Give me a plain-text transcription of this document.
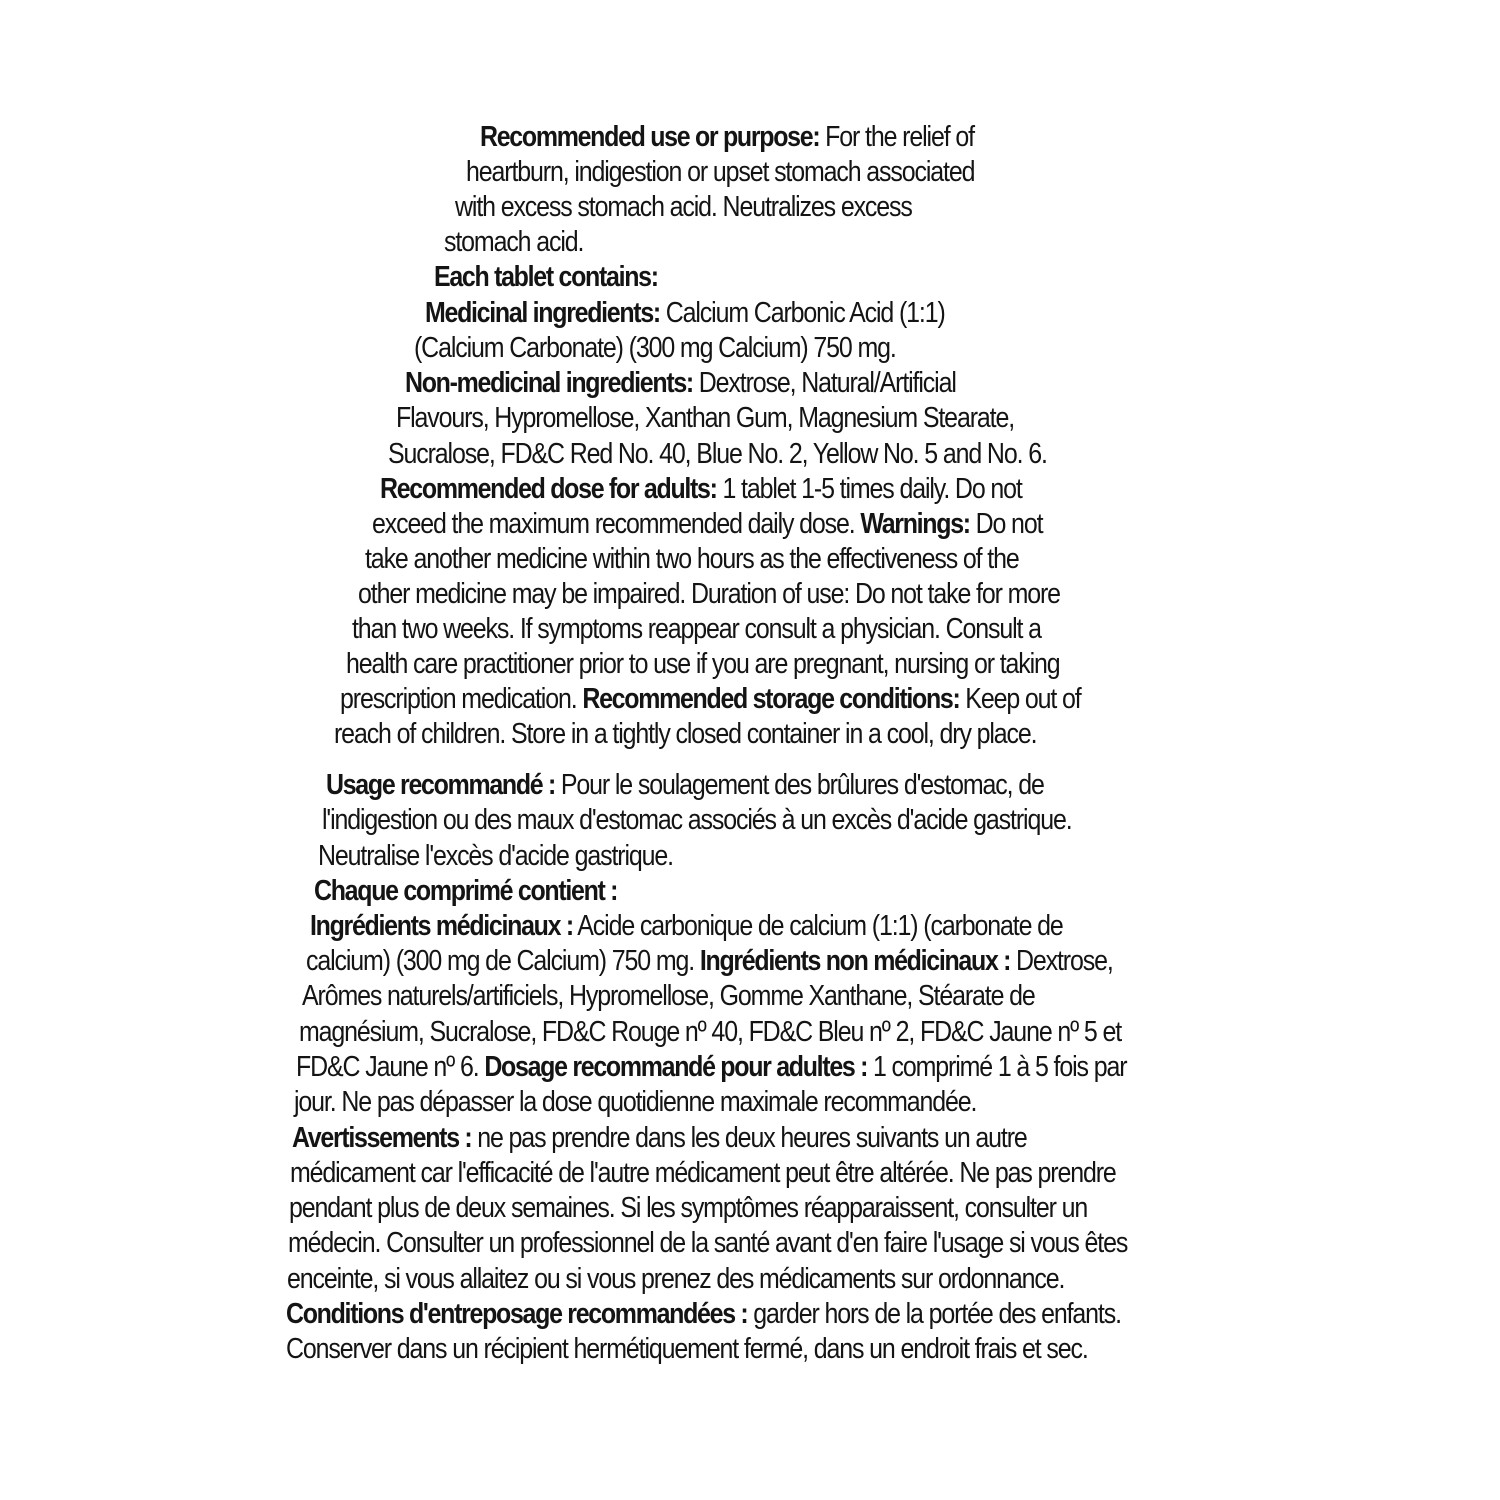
Recommended use or purpose: For the relief of
heartburn, indigestion or upset stomach associated
with excess stomach acid. Neutralizes excess
stomach acid.
Each tablet contains:
Medicinal ingredients: Calcium Carbonic Acid (1:1)
(Calcium Carbonate) (300 mg Calcium) 750 mg.
Non-medicinal ingredients: Dextrose, Natural/Artificial
Flavours, Hypromellose, Xanthan Gum, Magnesium Stearate,
Sucralose, FD&C Red No. 40, Blue No. 2, Yellow No. 5 and No. 6.
Recommended dose for adults: 1 tablet 1-5 times daily. Do not
exceed the maximum recommended daily dose. Warnings: Do not
take another medicine within two hours as the effectiveness of the
other medicine may be impaired. Duration of use: Do not take for more
than two weeks. If symptoms reappear consult a physician. Consult a
health care practitioner prior to use if you are pregnant, nursing or taking
prescription medication. Recommended storage conditions: Keep out of
reach of children. Store in a tightly closed container in a cool, dry place.
Usage recommandé : Pour le soulagement des brûlures d'estomac, de
l'indigestion ou des maux d'estomac associés à un excès d'acide gastrique.
Neutralise l'excès d'acide gastrique.
Chaque comprimé contient :
Ingrédients médicinaux : Acide carbonique de calcium (1:1) (carbonate de
calcium) (300 mg de Calcium) 750 mg. Ingrédients non médicinaux : Dextrose,
Arômes naturels/artificiels, Hypromellose, Gomme Xanthane, Stéarate de
magnésium, Sucralose, FD&C Rouge nº 40, FD&C Bleu nº 2, FD&C Jaune nº 5 et
FD&C Jaune nº 6. Dosage recommandé pour adultes : 1 comprimé 1 à 5 fois par
jour. Ne pas dépasser la dose quotidienne maximale recommandée.
Avertissements : ne pas prendre dans les deux heures suivants un autre
médicament car l'efficacité de l'autre médicament peut être altérée. Ne pas prendre
pendant plus de deux semaines. Si les symptômes réapparaissent, consulter un
médecin. Consulter un professionnel de la santé avant d'en faire l'usage si vous êtes
enceinte, si vous allaitez ou si vous prenez des médicaments sur ordonnance.
Conditions d'entreposage recommandées : garder hors de la portée des enfants.
Conserver dans un récipient hermétiquement fermé, dans un endroit frais et sec.
